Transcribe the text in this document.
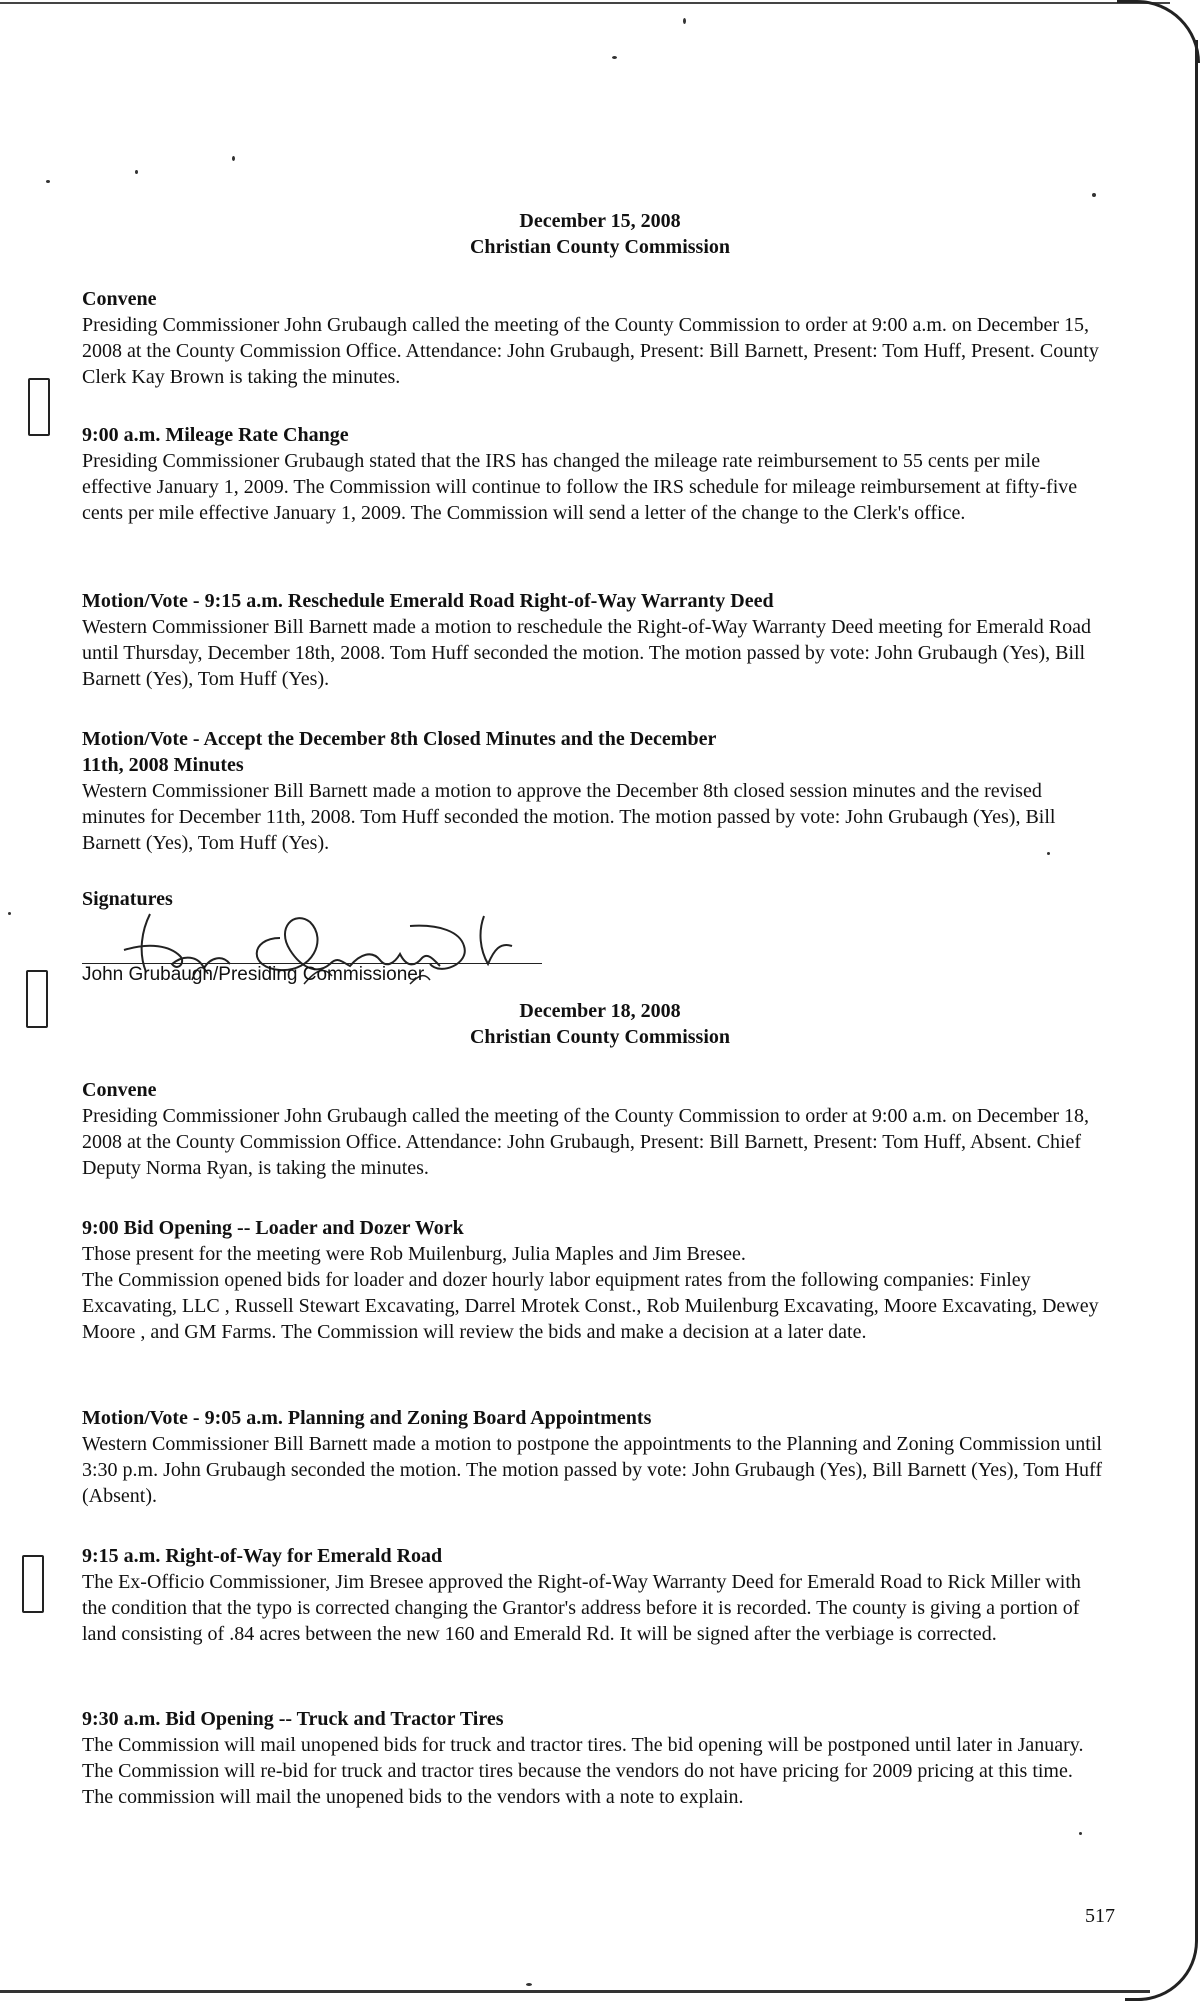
December 15, 2008
Christian County Commission
Convene

Presiding Commissioner John Grubaugh called the meeting of the County Commission to order at 9:00 a.m. on December 15, 2008 at the County Commission Office. Attendance: John Grubaugh, Present: Bill Barnett, Present: Tom Huff, Present. County Clerk Kay Brown is taking the minutes.

9:00 a.m. Mileage Rate Change

Presiding Commissioner Grubaugh stated that the IRS has changed the mileage rate reimbursement to 55 cents per mile effective January 1, 2009. The Commission will continue to follow the IRS schedule for mileage reimbursement at fifty-five cents per mile effective January 1, 2009. The Commission will send a letter of the change to the Clerk's office.

Motion/Vote - 9:15 a.m. Reschedule Emerald Road Right-of-Way Warranty Deed

Western Commissioner Bill Barnett made a motion to reschedule the Right-of-Way Warranty Deed meeting for Emerald Road until Thursday, December 18th, 2008. Tom Huff seconded the motion. The motion passed by vote: John Grubaugh (Yes), Bill Barnett (Yes), Tom Huff (Yes).

Motion/Vote - Accept the December 8th Closed Minutes and the December 11th, 2008 Minutes

Western Commissioner Bill Barnett made a motion to approve the December 8th closed session minutes and the revised minutes for December 11th, 2008. Tom Huff seconded the motion. The motion passed by vote: John Grubaugh (Yes), Bill Barnett (Yes), Tom Huff (Yes).

Signatures
John Grubaugh/Presiding Commissioner
December 18, 2008
Christian County Commission
Convene

Presiding Commissioner John Grubaugh called the meeting of the County Commission to order at 9:00 a.m. on December 18, 2008 at the County Commission Office. Attendance: John Grubaugh, Present: Bill Barnett, Present: Tom Huff, Absent. Chief Deputy Norma Ryan, is taking the minutes.

9:00 Bid Opening -- Loader and Dozer Work

Those present for the meeting were Rob Muilenburg, Julia Maples and Jim Bresee.

The Commission opened bids for loader and dozer hourly labor equipment rates from the following companies: Finley Excavating, LLC , Russell Stewart Excavating, Darrel Mrotek Const., Rob Muilenburg Excavating, Moore Excavating, Dewey Moore , and GM Farms. The Commission will review the bids and make a decision at a later date.

Motion/Vote - 9:05 a.m. Planning and Zoning Board Appointments

Western Commissioner Bill Barnett made a motion to postpone the appointments to the Planning and Zoning Commission until 3:30 p.m. John Grubaugh seconded the motion. The motion passed by vote: John Grubaugh (Yes), Bill Barnett (Yes), Tom Huff (Absent).

9:15 a.m. Right-of-Way for Emerald Road

The Ex-Officio Commissioner, Jim Bresee approved the Right-of-Way Warranty Deed for Emerald Road to Rick Miller with the condition that the typo is corrected changing the Grantor's address before it is recorded. The county is giving a portion of land consisting of .84 acres between the new 160 and Emerald Rd. It will be signed after the verbiage is corrected.

9:30 a.m. Bid Opening -- Truck and Tractor Tires

The Commission will mail unopened bids for truck and tractor tires. The bid opening will be postponed until later in January. The Commission will re-bid for truck and tractor tires because the vendors do not have pricing for 2009 pricing at this time. The commission will mail the unopened bids to the vendors with a note to explain.

517
